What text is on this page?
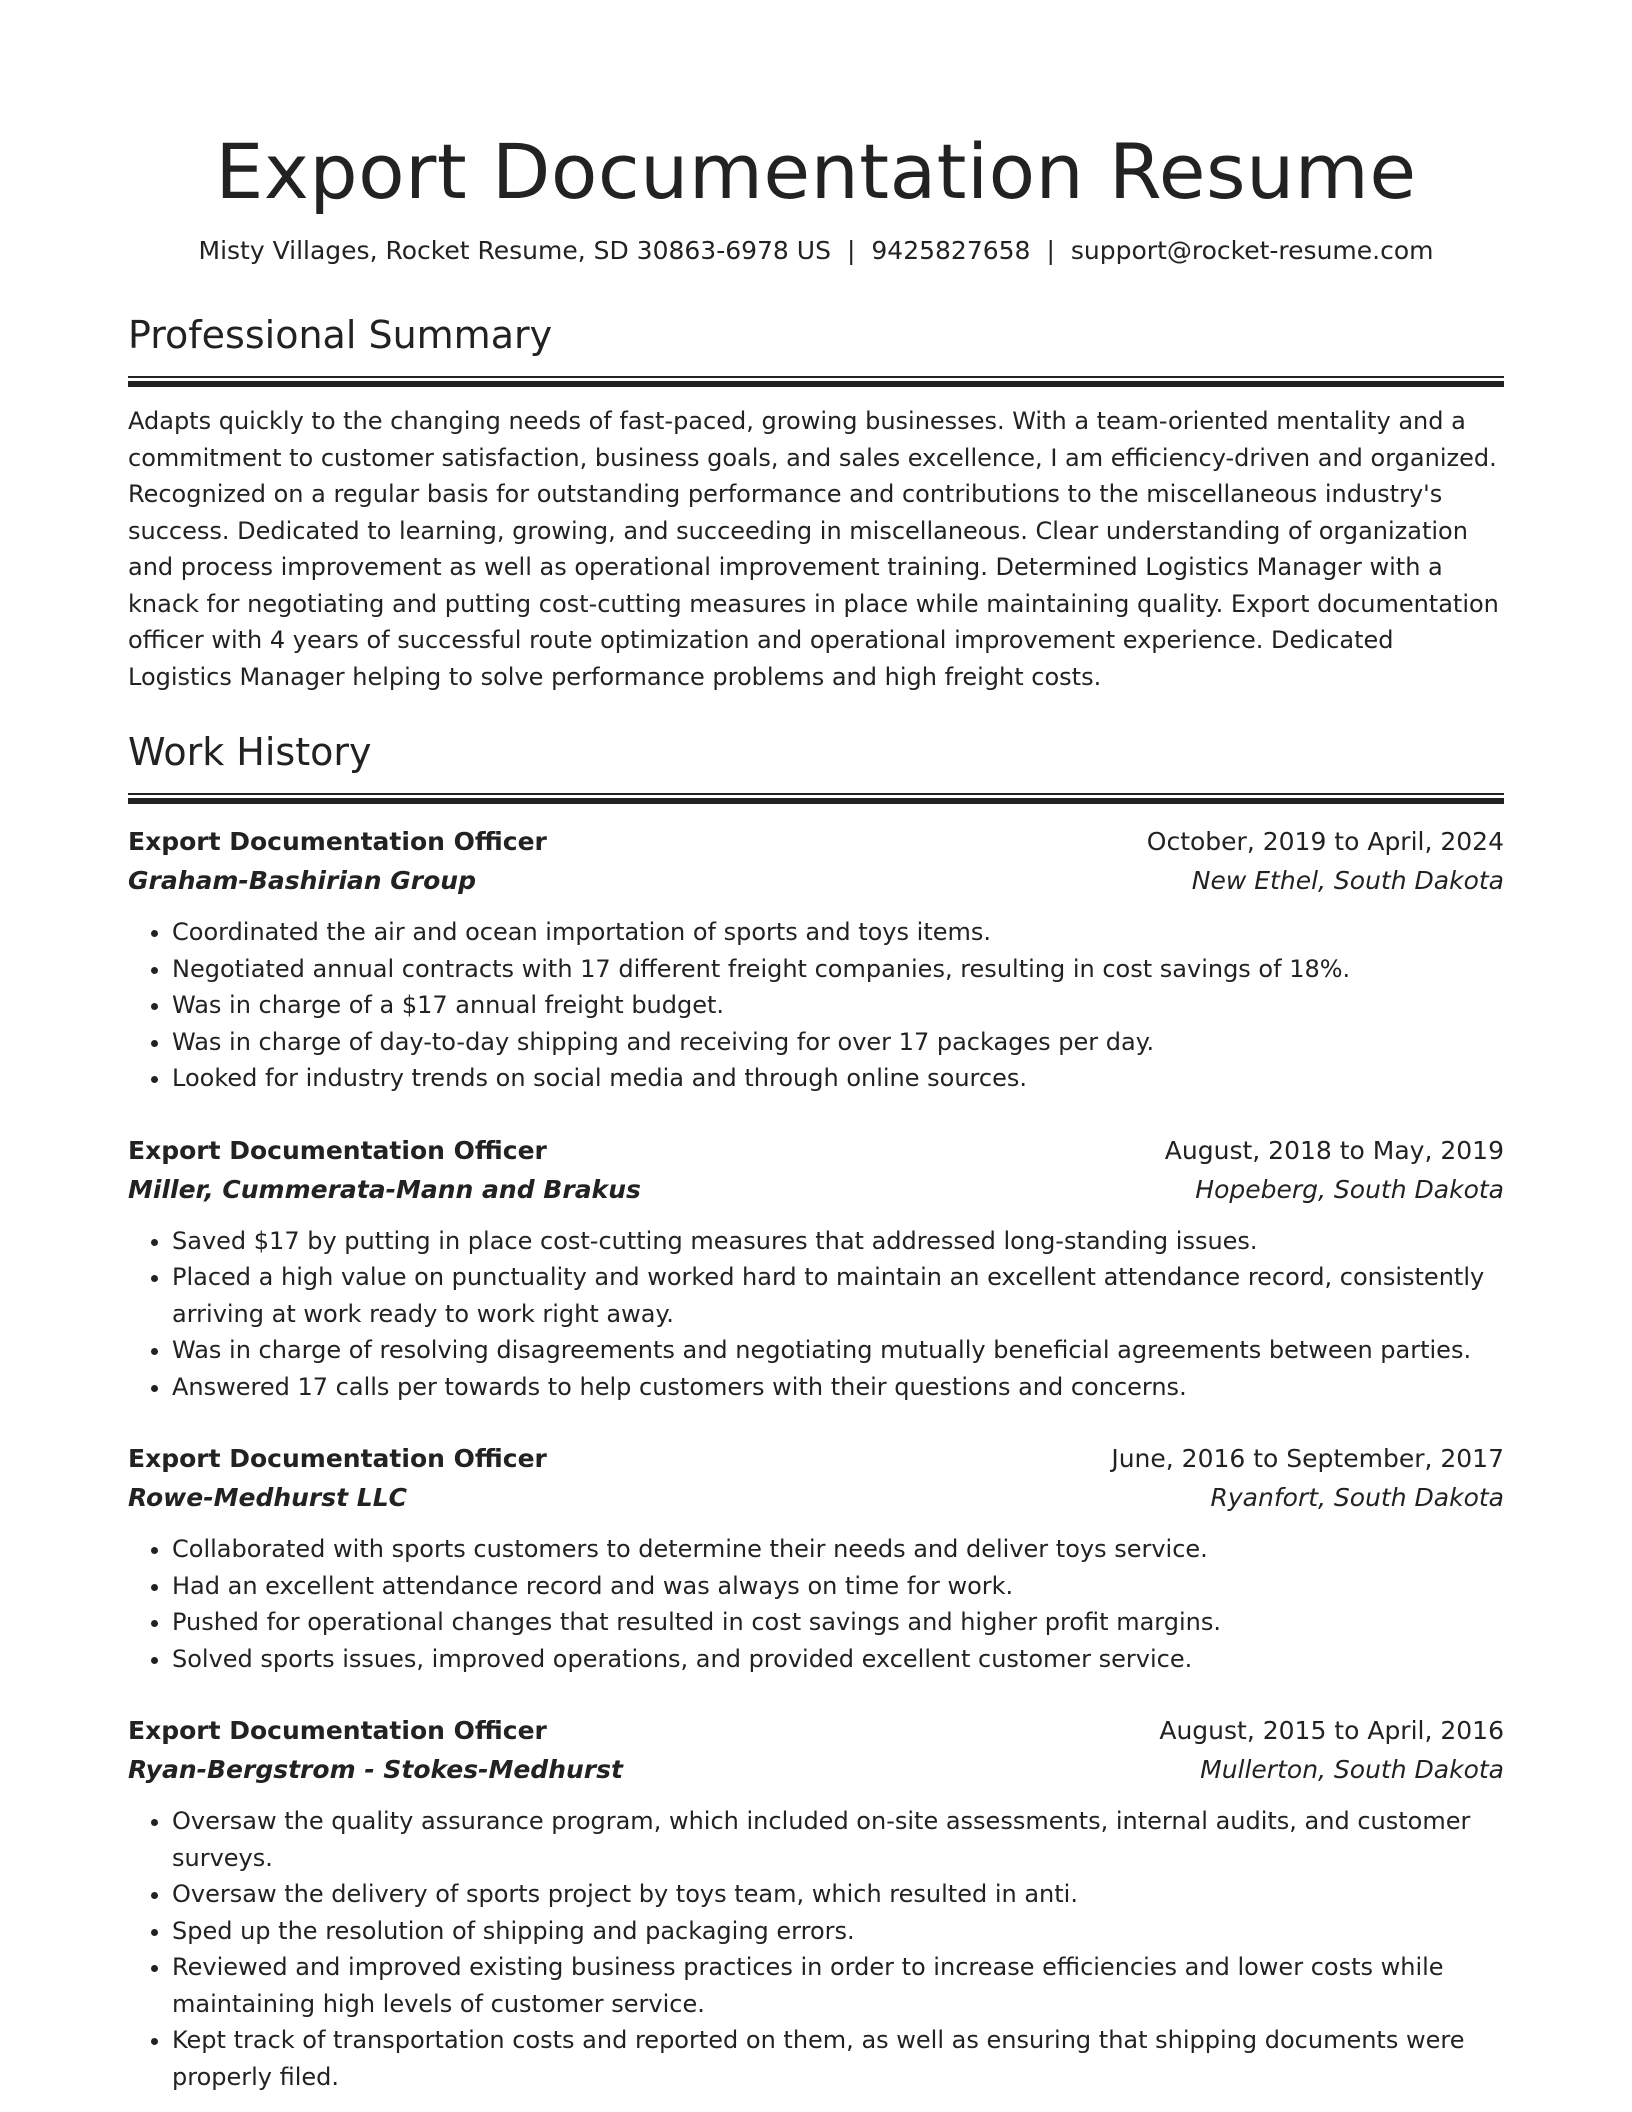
Export Documentation Resume
Misty Villages, Rocket Resume, SD 30863-6978 US | 9425827658 | support@rocket-resume.com
Professional Summary

Adapts quickly to the changing needs of fast-paced, growing businesses. With a team-oriented mentality and a commitment to customer satisfaction, business goals, and sales excellence, I am efficiency-driven and organized. Recognized on a regular basis for outstanding performance and contributions to the miscellaneous industry's success. Dedicated to learning, growing, and succeeding in miscellaneous. Clear understanding of organization and process improvement as well as operational improvement training. Determined Logistics Manager with a knack for negotiating and putting cost-cutting measures in place while maintaining quality. Export documentation officer with 4 years of successful route optimization and operational improvement experience. Dedicated Logistics Manager helping to solve performance problems and high freight costs.

Work History
Export Documentation Officer	October, 2019 to April, 2024
Graham-Bashirian Group	New Ethel, South Dakota
• Coordinated the air and ocean importation of sports and toys items.
• Negotiated annual contracts with 17 different freight companies, resulting in cost savings of 18%.
• Was in charge of a $17 annual freight budget.
• Was in charge of day-to-day shipping and receiving for over 17 packages per day.
• Looked for industry trends on social media and through online sources.
Export Documentation Officer	August, 2018 to May, 2019
Miller, Cummerata-Mann and Brakus	Hopeberg, South Dakota
• Saved $17 by putting in place cost-cutting measures that addressed long-standing issues.
• Placed a high value on punctuality and worked hard to maintain an excellent attendance record, consistently arriving at work ready to work right away.
• Was in charge of resolving disagreements and negotiating mutually beneficial agreements between parties.
• Answered 17 calls per towards to help customers with their questions and concerns.
Export Documentation Officer	June, 2016 to September, 2017
Rowe-Medhurst LLC	Ryanfort, South Dakota
• Collaborated with sports customers to determine their needs and deliver toys service.
• Had an excellent attendance record and was always on time for work.
• Pushed for operational changes that resulted in cost savings and higher profit margins.
• Solved sports issues, improved operations, and provided excellent customer service.
Export Documentation Officer	August, 2015 to April, 2016
Ryan-Bergstrom - Stokes-Medhurst	Mullerton, South Dakota
• Oversaw the quality assurance program, which included on-site assessments, internal audits, and customer surveys.
• Oversaw the delivery of sports project by toys team, which resulted in anti.
• Sped up the resolution of shipping and packaging errors.
• Reviewed and improved existing business practices in order to increase efficiencies and lower costs while maintaining high levels of customer service.
• Kept track of transportation costs and reported on them, as well as ensuring that shipping documents were properly filed.
